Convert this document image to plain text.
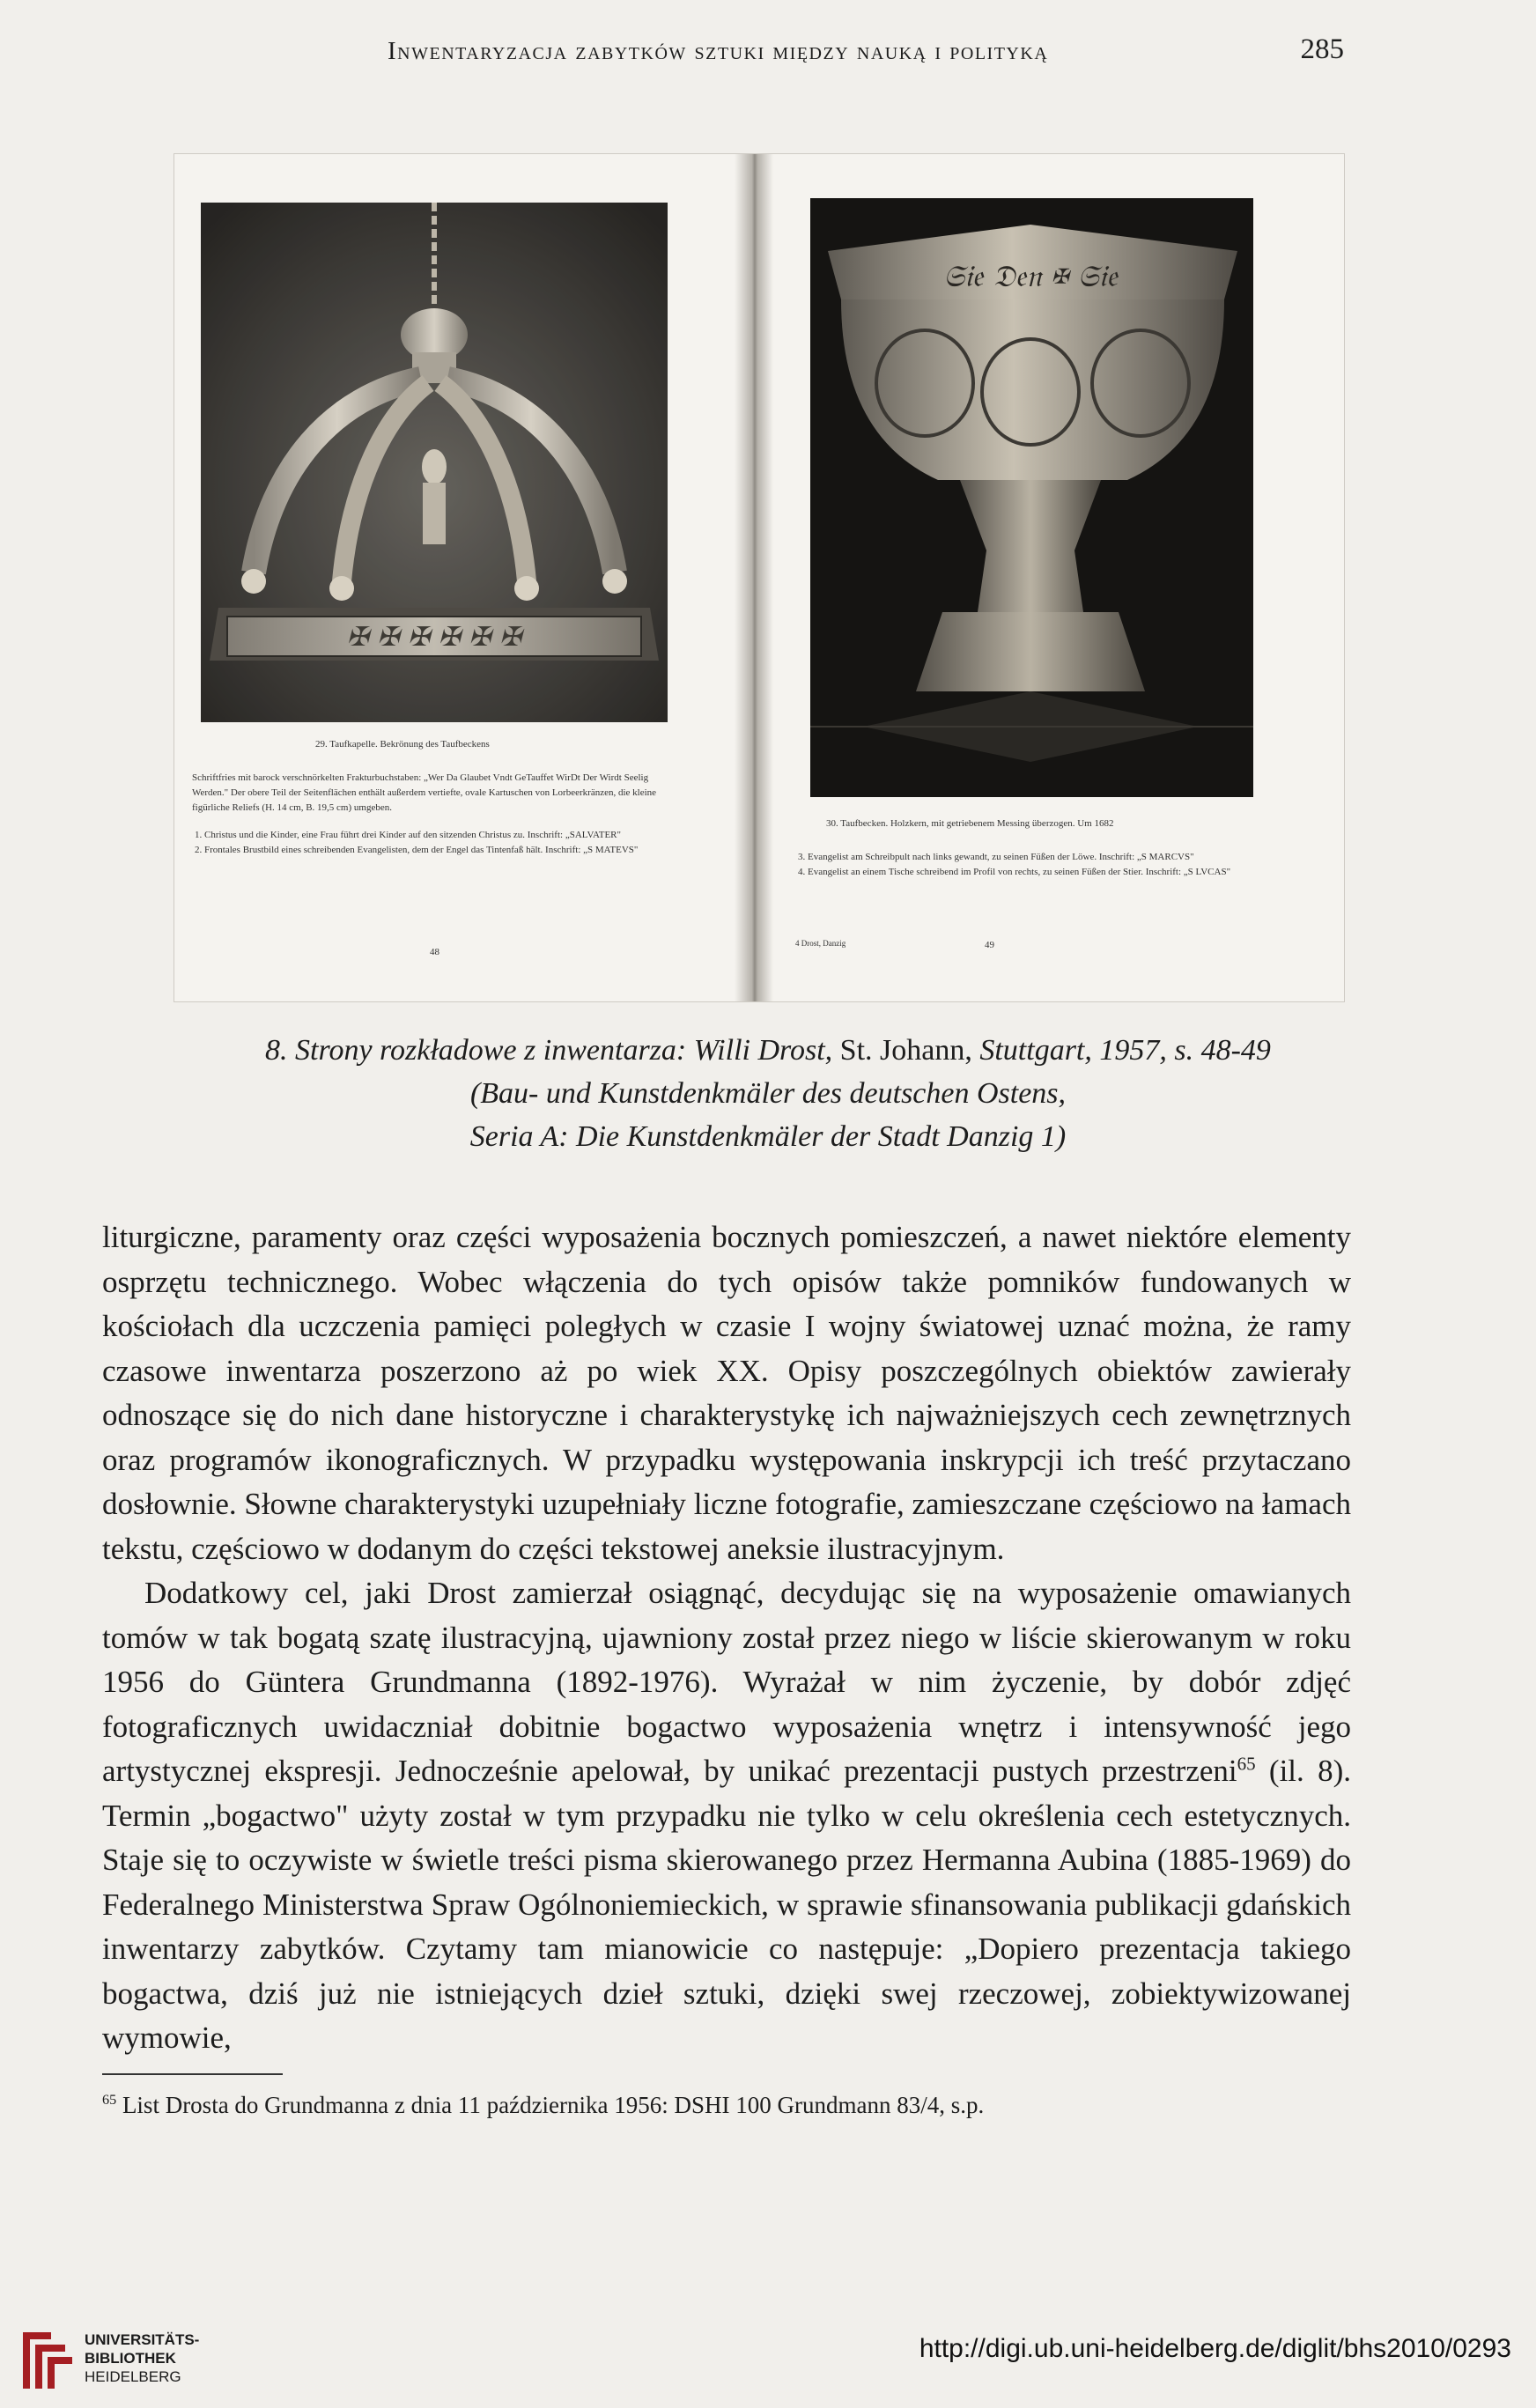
Inwentaryzacja zabytków sztuki między nauką i polityką	285
✠ ✠ ✠ ✠ ✠ ✠
29. Taufkapelle. Bekrönung des Taufbeckens

Schriftfries mit barock verschnörkelten Frakturbuchstaben: „Wer Da Glaubet Vndt GeTauffet WirDt Der Wirdt Seelig Werden." Der obere Teil der Seitenflächen enthält außerdem vertiefte, ovale Kartuschen von Lorbeerkränzen, die kleine figürliche Reliefs (H. 14 cm, B. 19,5 cm) umgeben.

1. Christus und die Kinder, eine Frau führt drei Kinder auf den sitzenden Christus zu. Inschrift: „SALVATER"
2. Frontales Brustbild eines schreibenden Evangelisten, dem der Engel das Tintenfaß hält. Inschrift: „S MATEVS"
48
𝔖𝔦𝔢 𝔇𝔢𝔫 ✠ 𝔖𝔦𝔢
30. Taufbecken. Holzkern, mit getriebenem Messing überzogen. Um 1682
3. Evangelist am Schreibpult nach links gewandt, zu seinen Füßen der Löwe. Inschrift: „S MARCVS"
4. Evangelist an einem Tische schreibend im Profil von rechts, zu seinen Füßen der Stier. Inschrift: „S LVCAS"
4 Drost, Danzig	49
8. Strony rozkładowe z inwentarza: Willi Drost, St. Johann, Stuttgart, 1957, s. 48-49
(Bau- und Kunstdenkmäler des deutschen Ostens,
Seria A: Die Kunstdenkmäler der Stadt Danzig 1)

liturgiczne, paramenty oraz części wyposażenia bocznych pomieszczeń, a nawet niektóre elementy osprzętu technicznego. Wobec włączenia do tych opisów także pomników fundowanych w kościołach dla uczczenia pamięci poległych w czasie I wojny światowej uznać można, że ramy czasowe inwentarza poszerzono aż po wiek XX. Opisy poszczególnych obiektów zawierały odnoszące się do nich dane historyczne i charakterystykę ich najważniejszych cech zewnętrznych oraz programów ikonograficznych. W przypadku występowania inskrypcji ich treść przytaczano dosłownie. Słowne charakterystyki uzupełniały liczne fotografie, zamieszczane częściowo na łamach tekstu, częściowo w dodanym do części tekstowej aneksie ilustracyjnym.

Dodatkowy cel, jaki Drost zamierzał osiągnąć, decydując się na wyposażenie omawianych tomów w tak bogatą szatę ilustracyjną, ujawniony został przez niego w liście skierowanym w roku 1956 do Güntera Grundmanna (1892-1976). Wyrażał w nim życzenie, by dobór zdjęć fotograficznych uwidaczniał dobitnie bogactwo wyposażenia wnętrz i intensywność jego artystycznej ekspresji. Jednocześnie apelował, by unikać prezentacji pustych przestrzeni$^{65}$ (il. 8). Termin „bogactwo" użyty został w tym przypadku nie tylko w celu określenia cech estetycznych. Staje się to oczywiste w świetle treści pisma skierowanego przez Hermanna Aubina (1885-1969) do Federalnego Ministerstwa Spraw Ogólnoniemieckich, w sprawie sfinansowania publikacji gdańskich inwentarzy zabytków. Czytamy tam mianowicie co następuje: „Dopiero prezentacja takiego bogactwa, dziś już nie istniejących dzieł sztuki, dzięki swej rzeczowej, zobiektywizowanej wymowie,

$^{65}$ List Drosta do Grundmanna z dnia 11 października 1956: DSHI 100 Grundmann 83/4, s.p.
UNIVERSITÄTS-
BIBLIOTHEK
HEIDELBERG
http://digi.ub.uni-heidelberg.de/diglit/bhs2010/0293
